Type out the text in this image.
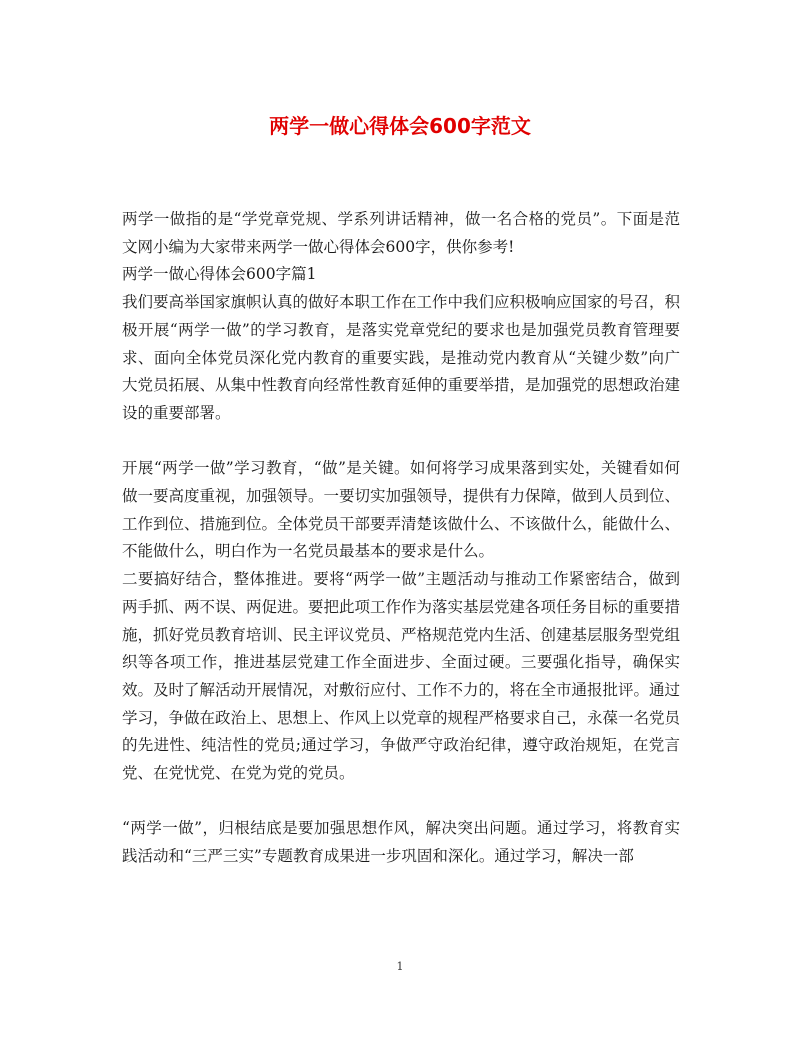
两学一做心得体会600字范文

两学一做指的是“学党章党规、学系列讲话精神，做一名合格的党员”。下面是范文网小编为大家带来两学一做心得体会600字，供你参考!

两学一做心得体会600字篇1

我们要高举国家旗帜认真的做好本职工作在工作中我们应积极响应国家的号召，积极开展“两学一做”的学习教育，是落实党章党纪的要求也是加强党员教育管理要求、面向全体党员深化党内教育的重要实践，是推动党内教育从“关键少数”向广大党员拓展、从集中性教育向经常性教育延伸的重要举措，是加强党的思想政治建设的重要部署。

开展“两学一做”学习教育，“做”是关键。如何将学习成果落到实处，关键看如何做一要高度重视，加强领导。一要切实加强领导，提供有力保障，做到人员到位、工作到位、措施到位。全体党员干部要弄清楚该做什么、不该做什么，能做什么、不能做什么，明白作为一名党员最基本的要求是什么。

二要搞好结合，整体推进。要将“两学一做”主题活动与推动工作紧密结合，做到两手抓、两不误、两促进。要把此项工作作为落实基层党建各项任务目标的重要措施，抓好党员教育培训、民主评议党员、严格规范党内生活、创建基层服务型党组织等各项工作，推进基层党建工作全面进步、全面过硬。三要强化指导，确保实效。及时了解活动开展情况，对敷衍应付、工作不力的，将在全市通报批评。通过学习，争做在政治上、思想上、作风上以党章的规程严格要求自己，永葆一名党员的先进性、纯洁性的党员;通过学习，争做严守政治纪律，遵守政治规矩，在党言党、在党忧党、在党为党的党员。

“两学一做”，归根结底是要加强思想作风，解决突出问题。通过学习，将教育实践活动和“三严三实”专题教育成果进一步巩固和深化。通过学习，解决一部

1
